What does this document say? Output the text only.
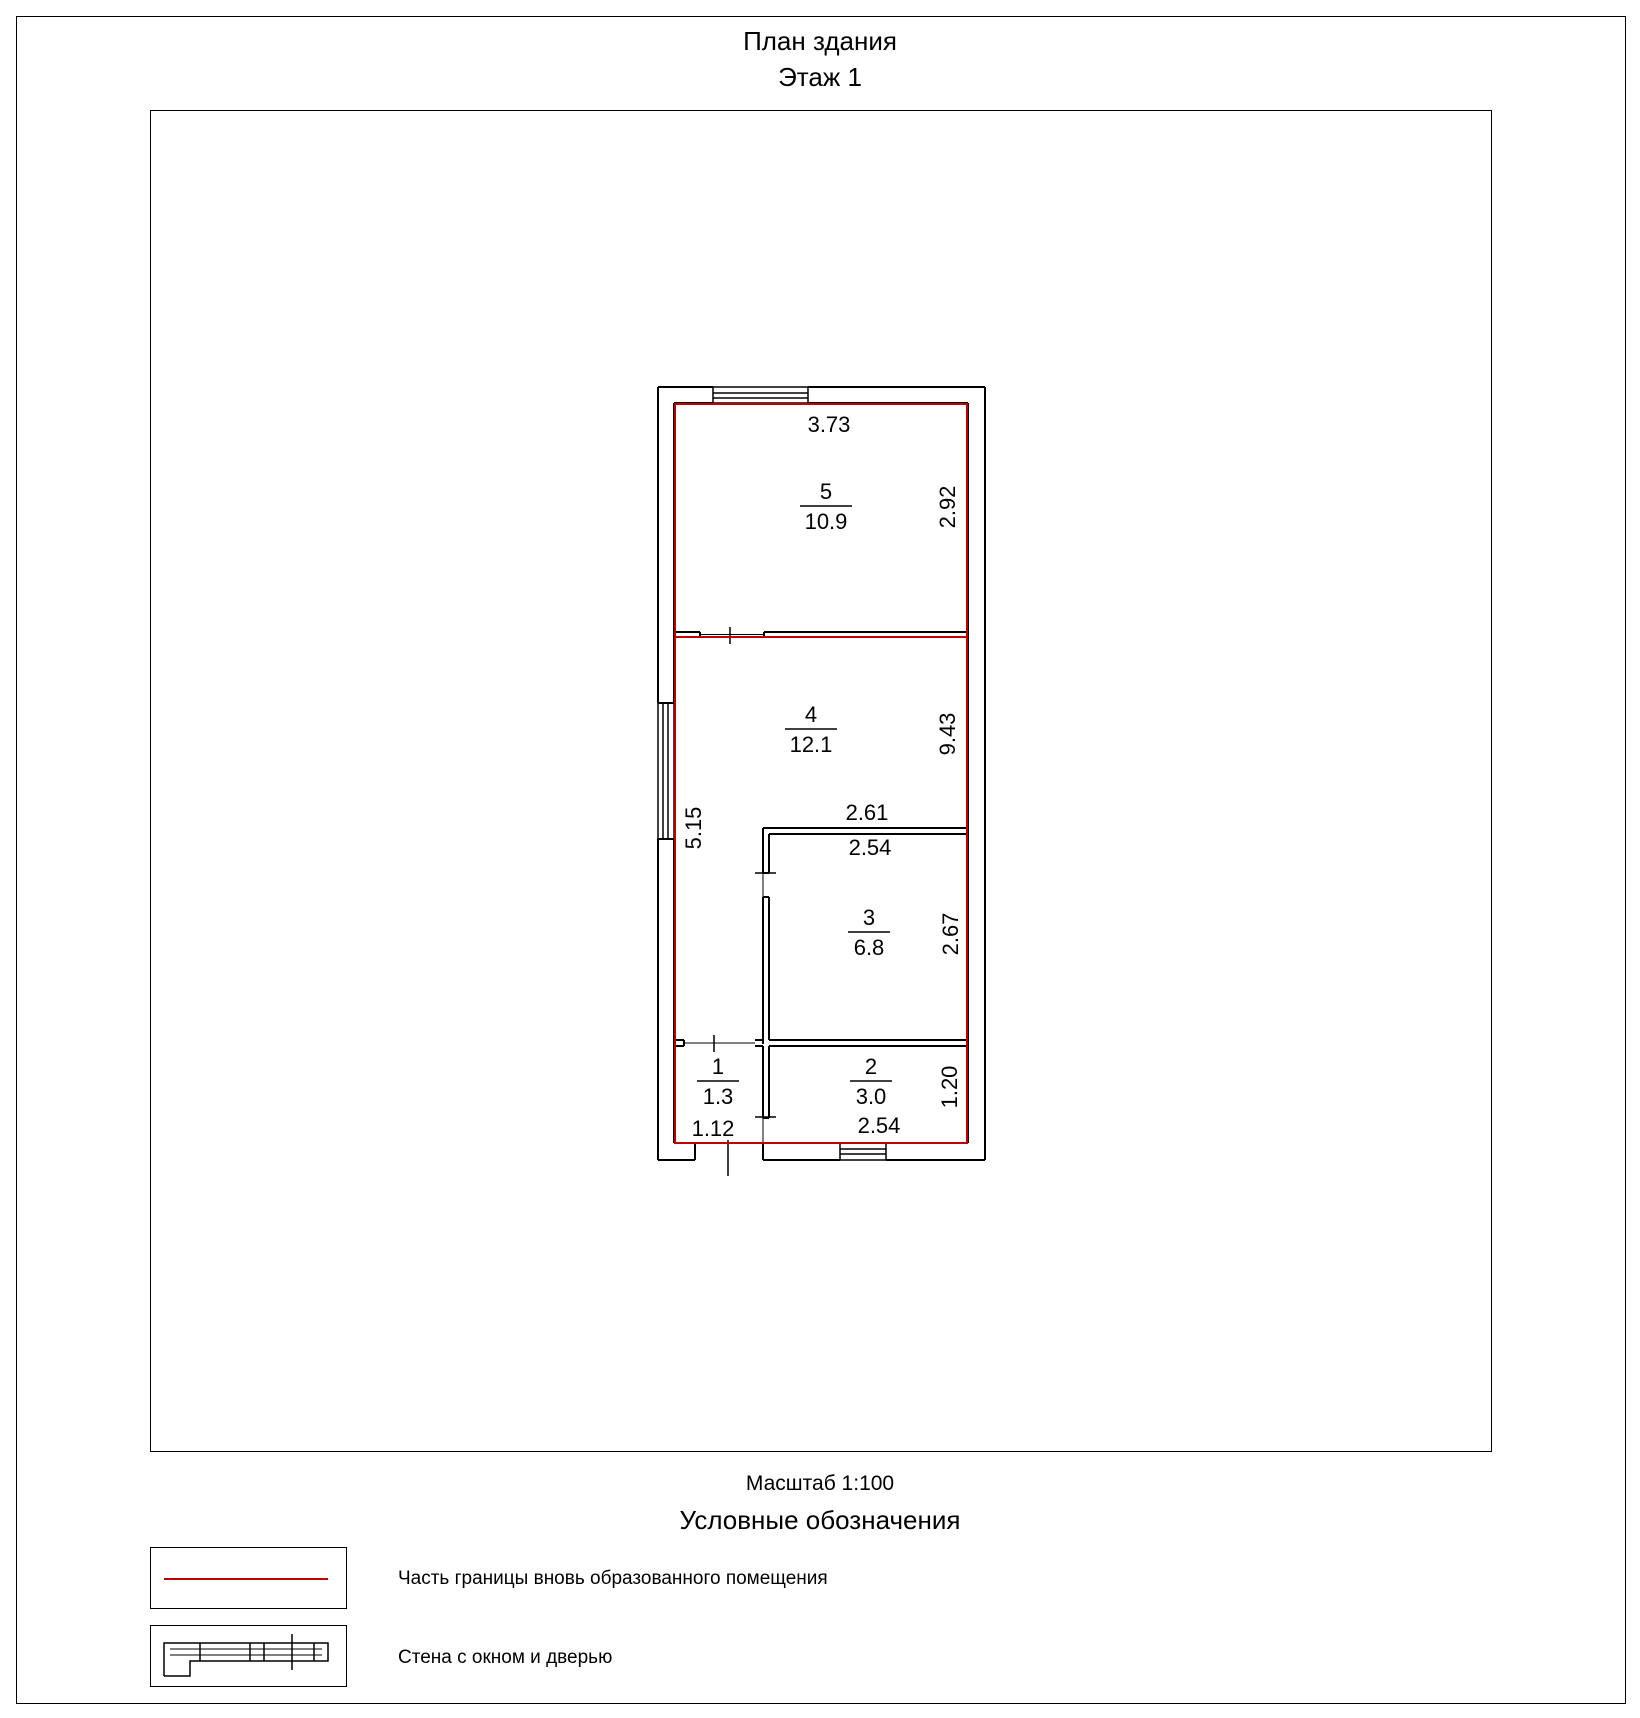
План здания
Этаж 1
5
10.9
4
12.1
3
6.8
2
3.0
1
1.3
3.73
2.92
9.43
5.15	2.61
2.54
2.67
1.20
2.54
1.12
Масштаб 1:100
Условные обозначения
Часть границы вновь образованного помещения
Стена с окном и дверью
